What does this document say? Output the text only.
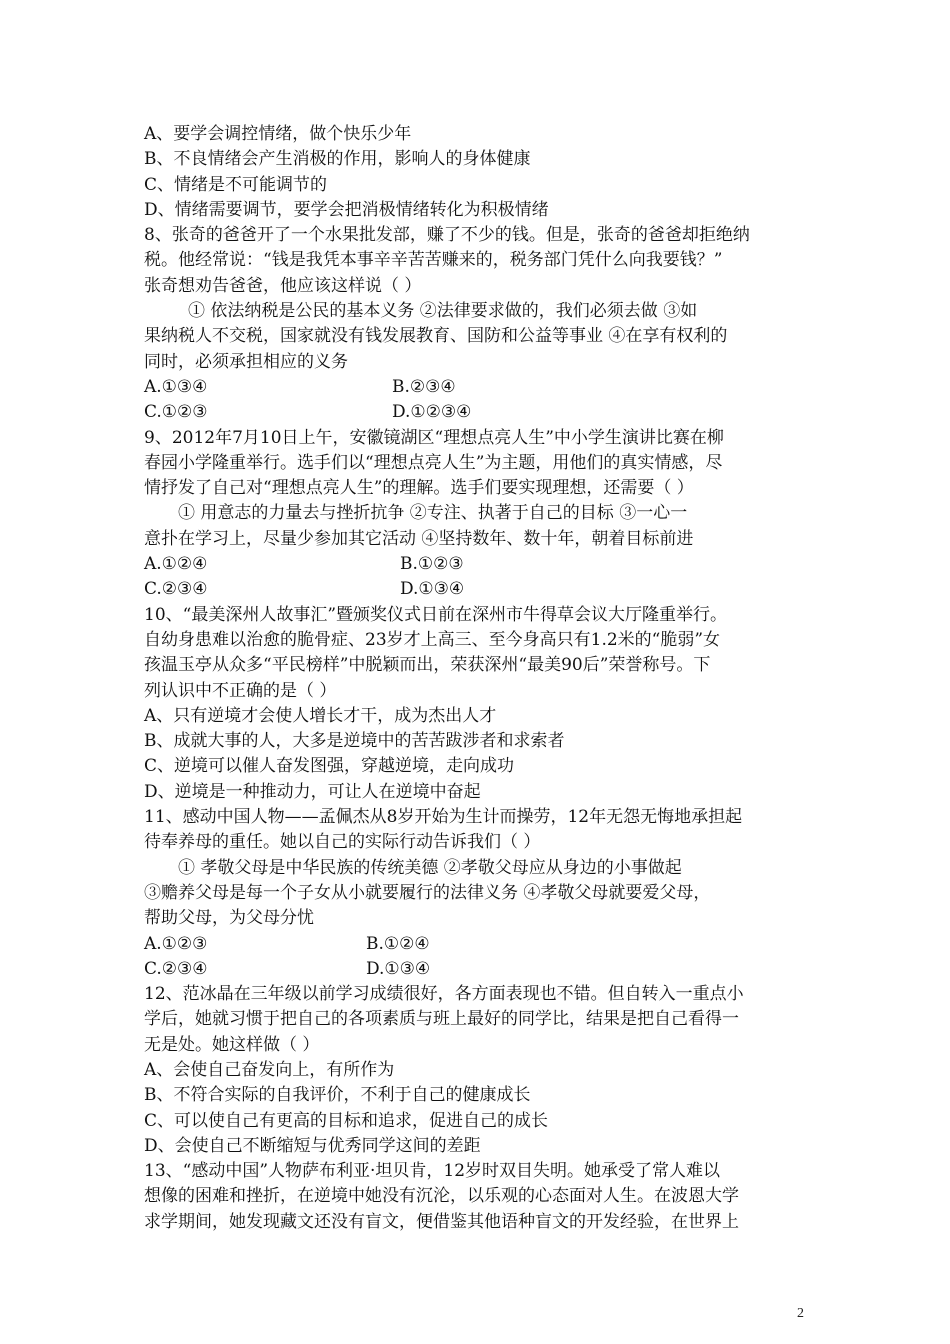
A、要学会调控情绪，做个快乐少年
B、不良情绪会产生消极的作用，影响人的身体健康
C、情绪是不可能调节的
D、情绪需要调节，要学会把消极情绪转化为积极情绪
8、张奇的爸爸开了一个水果批发部，赚了不少的钱。但是，张奇的爸爸却拒绝纳
税。他经常说：“钱是我凭本事辛辛苦苦赚来的，税务部门凭什么向我要钱？”
张奇想劝告爸爸，他应该这样说（ ）
① 依法纳税是公民的基本义务 ②法律要求做的，我们必须去做 ③如
果纳税人不交税，国家就没有钱发展教育、国防和公益等事业 ④在享有权利的
同时，必须承担相应的义务
A.①③④	B.②③④
C.①②③	D.①②③④
9、2012年7月10日上午，安徽镜湖区“理想点亮人生”中小学生演讲比赛在柳
春园小学隆重举行。选手们以“理想点亮人生”为主题，用他们的真实情感，尽
情抒发了自己对“理想点亮人生”的理解。选手们要实现理想，还需要（ ）
① 用意志的力量去与挫折抗争 ②专注、执著于自己的目标 ③一心一
意扑在学习上，尽量少参加其它活动 ④坚持数年、数十年，朝着目标前进
A.①②④	B.①②③
C.②③④	D.①③④
10、“最美深州人故事汇”暨颁奖仪式日前在深州市牛得草会议大厅隆重举行。
自幼身患难以治愈的脆骨症、23岁才上高三、至今身高只有1.2米的“脆弱”女
孩温玉亭从众多“平民榜样”中脱颖而出，荣获深州“最美90后”荣誉称号。下
列认识中不正确的是（ ）
A、只有逆境才会使人增长才干，成为杰出人才
B、成就大事的人，大多是逆境中的苦苦跋涉者和求索者
C、逆境可以催人奋发图强，穿越逆境，走向成功
D、逆境是一种推动力，可让人在逆境中奋起
11、感动中国人物——孟佩杰从8岁开始为生计而操劳，12年无怨无悔地承担起
待奉养母的重任。她以自己的实际行动告诉我们（ ）
① 孝敬父母是中华民族的传统美德 ②孝敬父母应从身边的小事做起
③赡养父母是每一个子女从小就要履行的法律义务 ④孝敬父母就要爱父母，
帮助父母，为父母分忧
A.①②③	B.①②④
C.②③④	D.①③④
12、范冰晶在三年级以前学习成绩很好，各方面表现也不错。但自转入一重点小
学后，她就习惯于把自己的各项素质与班上最好的同学比，结果是把自己看得一
无是处。她这样做（ ）
A、会使自己奋发向上，有所作为
B、不符合实际的自我评价，不利于自己的健康成长
C、可以使自己有更高的目标和追求，促进自己的成长
D、会使自己不断缩短与优秀同学这间的差距
13、“感动中国”人物萨布利亚·坦贝肯，12岁时双目失明。她承受了常人难以
想像的困难和挫折，在逆境中她没有沉沦，以乐观的心态面对人生。在波恩大学
求学期间，她发现藏文还没有盲文，便借鉴其他语种盲文的开发经验，在世界上
2
